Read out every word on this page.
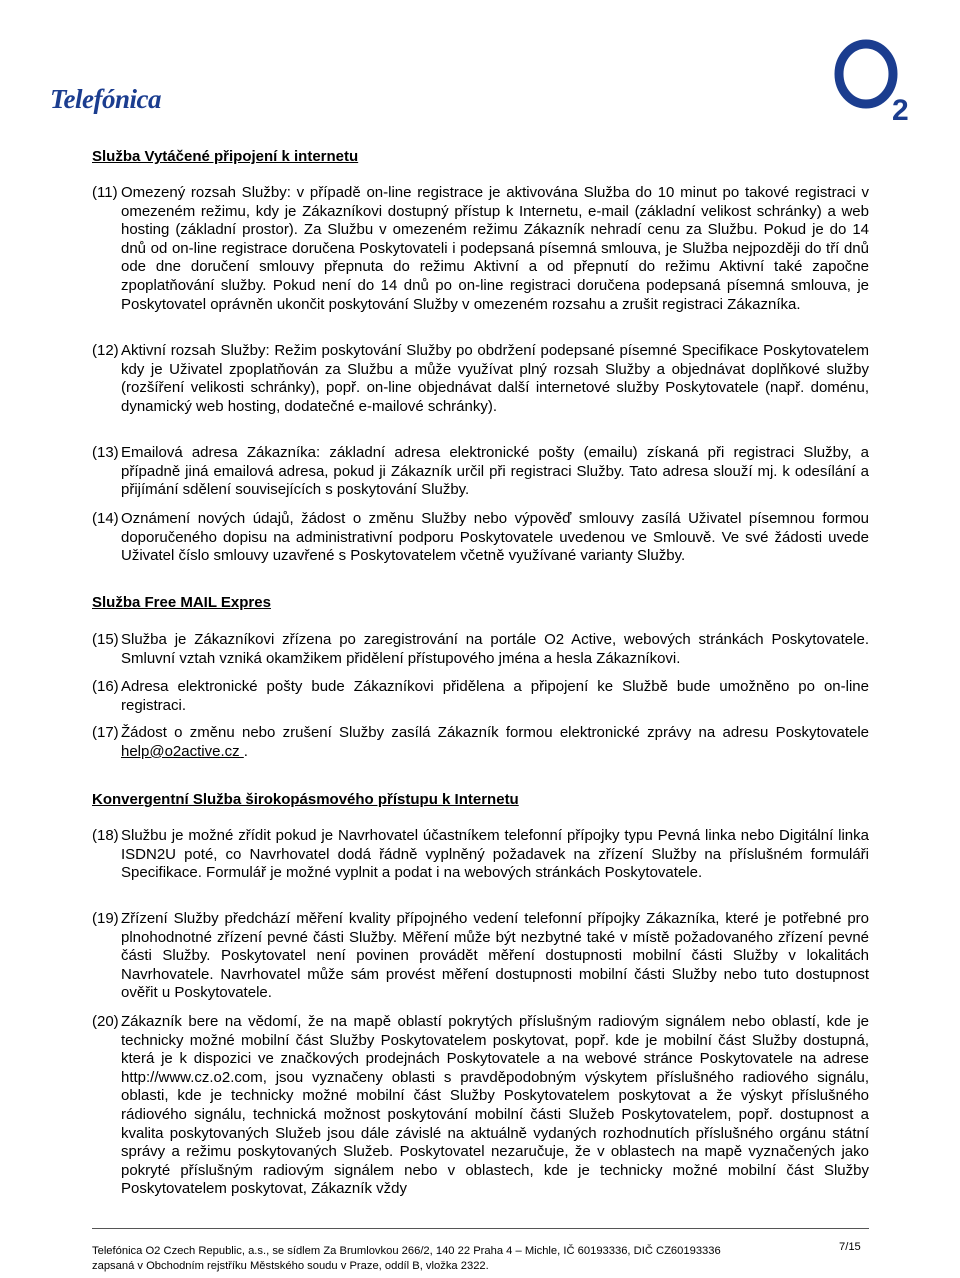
Telefónica	2
Služba Vytáčené připojení k internetu
(11) Omezený rozsah Služby: v případě on-line registrace je aktivována Služba do 10 minut po takové registraci v omezeném režimu, kdy je Zákazníkovi dostupný přístup k Internetu, e-mail (základní velikost schránky) a web hosting (základní prostor). Za Službu v omezeném režimu Zákazník nehradí cenu za Službu. Pokud je do 14 dnů od on-line registrace doručena Poskytovateli i podepsaná písemná smlouva, je Služba nejpozději do tří dnů ode dne doručení smlouvy přepnuta do režimu Aktivní a od přepnutí do režimu Aktivní také započne zpoplatňování služby. Pokud není do 14 dnů po on-line registraci doručena podepsaná písemná smlouva, je Poskytovatel oprávněn ukončit poskytování Služby v omezeném rozsahu a zrušit registraci Zákazníka.
(12) Aktivní rozsah Služby: Režim poskytování Služby po obdržení podepsané písemné Specifikace Poskytovatelem kdy je Uživatel zpoplatňován za Službu a může využívat plný rozsah Služby a objednávat doplňkové služby (rozšíření velikosti schránky), popř. on-line objednávat další internetové služby Poskytovatele (např. doménu, dynamický web hosting, dodatečné e-mailové schránky).
(13) Emailová adresa Zákazníka: základní adresa elektronické pošty (emailu) získaná při registraci Služby, a případně jiná emailová adresa, pokud ji Zákazník určil při registraci Služby. Tato adresa slouží mj. k odesílání a přijímání sdělení souvisejících s poskytování Služby.
(14) Oznámení nových údajů, žádost o změnu Služby nebo výpověď smlouvy zasílá Uživatel písemnou formou doporučeného dopisu na administrativní podporu Poskytovatele uvedenou ve Smlouvě. Ve své žádosti uvede Uživatel číslo smlouvy uzavřené s Poskytovatelem včetně využívané varianty Služby.
Služba Free MAIL Expres
(15) Služba je Zákazníkovi zřízena po zaregistrování na portále O2 Active, webových stránkách Poskytovatele. Smluvní vztah vzniká okamžikem přidělení přístupového jména a hesla Zákazníkovi.
(16) Adresa elektronické pošty bude Zákazníkovi přidělena a připojení ke Službě bude umožněno po on-line registraci.
(17) Žádost o změnu nebo zrušení Služby zasílá Zákazník formou elektronické zprávy na adresu Poskytovatele help@o2active.cz .
Konvergentní Služba širokopásmového přístupu k Internetu
(18) Službu je možné zřídit pokud je Navrhovatel účastníkem telefonní přípojky typu Pevná linka nebo Digitální linka ISDN2U poté, co Navrhovatel dodá řádně vyplněný požadavek na zřízení Služby na příslušném formuláři Specifikace. Formulář je možné vyplnit a podat i na webových stránkách Poskytovatele.
(19) Zřízení Služby předchází měření kvality přípojného vedení telefonní přípojky Zákazníka, které je potřebné pro plnohodnotné zřízení pevné části Služby. Měření může být nezbytné také v místě požadovaného zřízení pevné části Služby. Poskytovatel není povinen provádět měření dostupnosti mobilní části Služby v lokalitách Navrhovatele. Navrhovatel může sám provést měření dostupnosti mobilní části Služby nebo tuto dostupnost ověřit u Poskytovatele.
(20) Zákazník bere na vědomí, že na mapě oblastí pokrytých příslušným radiovým signálem nebo oblastí, kde je technicky možné mobilní část Služby Poskytovatelem poskytovat, popř. kde je mobilní část Služby dostupná, která je k dispozici ve značkových prodejnách Poskytovatele a na webové stránce Poskytovatele na adrese http://www.cz.o2.com, jsou vyznačeny oblasti s pravděpodobným výskytem příslušného radiového signálu, oblasti, kde je technicky možné mobilní část Služby Poskytovatelem poskytovat a že výskyt příslušného rádiového signálu, technická možnost poskytování mobilní části Služeb Poskytovatelem, popř. dostupnost a kvalita poskytovaných Služeb jsou dále závislé na aktuálně vydaných rozhodnutích příslušného orgánu státní správy a režimu poskytovaných Služeb. Poskytovatel nezaručuje, že v oblastech na mapě vyznačených jako pokryté příslušným radiovým signálem nebo v oblastech, kde je technicky možné mobilní část Služby Poskytovatelem poskytovat, Zákazník vždy
Telefónica O2 Czech Republic, a.s., se sídlem Za Brumlovkou 266/2, 140 22 Praha 4 – Michle, IČ 60193336, DIČ CZ60193336
zapsaná v Obchodním rejstříku Městského soudu v Praze, oddíl B, vložka 2322.
7/15
